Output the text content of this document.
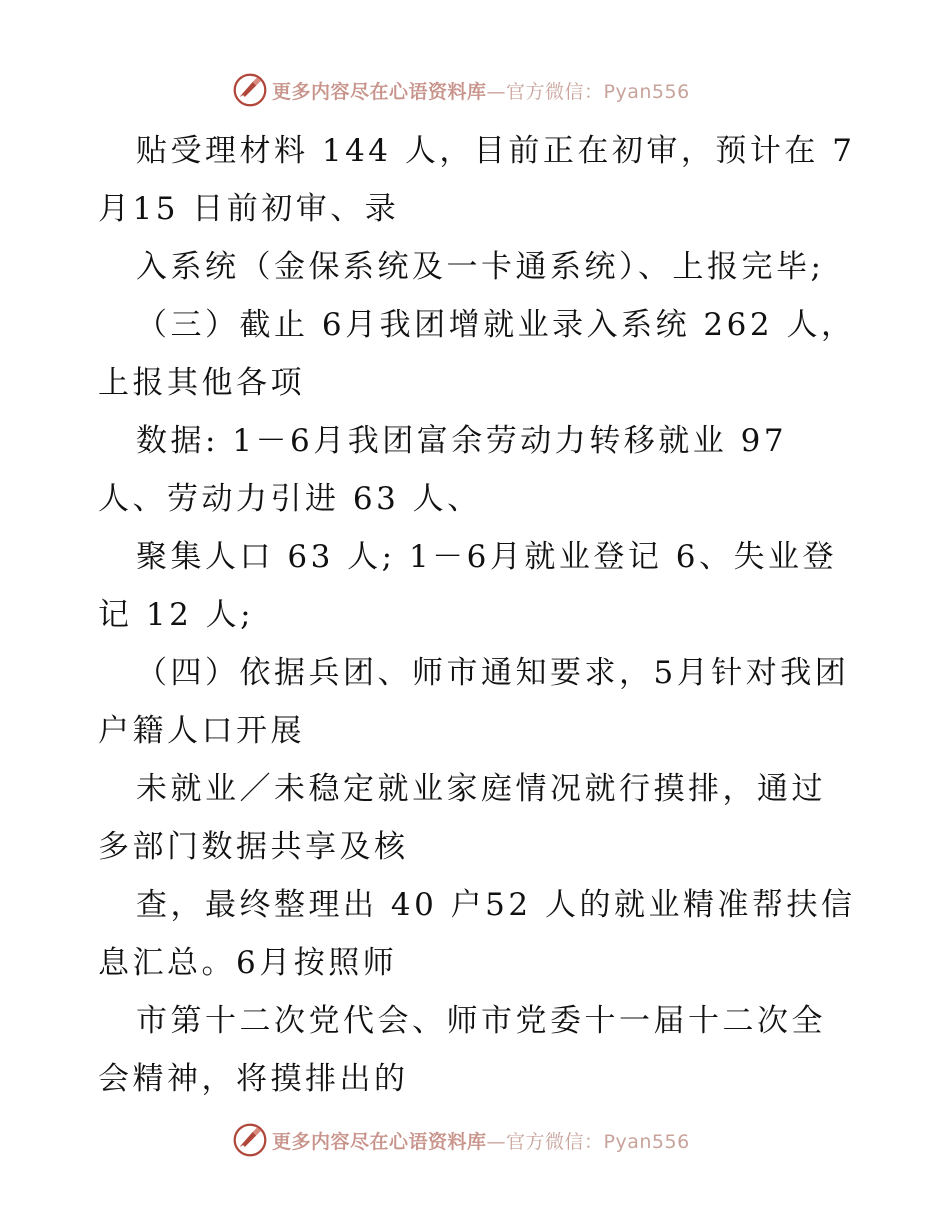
更多内容尽在心语资料库—官方微信：Pyan556

贴受理材料 144 人，目前正在初审，预计在 7 月15 日前初审、录

入系统（金保系统及一卡通系统）、上报完毕;

（三）截止 6月我团增就业录入系统 262 人，上报其他各项

数据: 1－6月我团富余劳动力转移就业 97 人、劳动力引进 63 人、

聚集人口 63 人; 1－6月就业登记 6、失业登记 12 人;

（四）依据兵团、师市通知要求，5月针对我团户籍人口开展

未就业／未稳定就业家庭情况就行摸排，通过多部门数据共享及核

查，最终整理出 40 户52 人的就业精准帮扶信息汇总。6月按照师

市第十二次党代会、师市党委十一届十二次全会精神，将摸排出的

更多内容尽在心语资料库—官方微信：Pyan556
